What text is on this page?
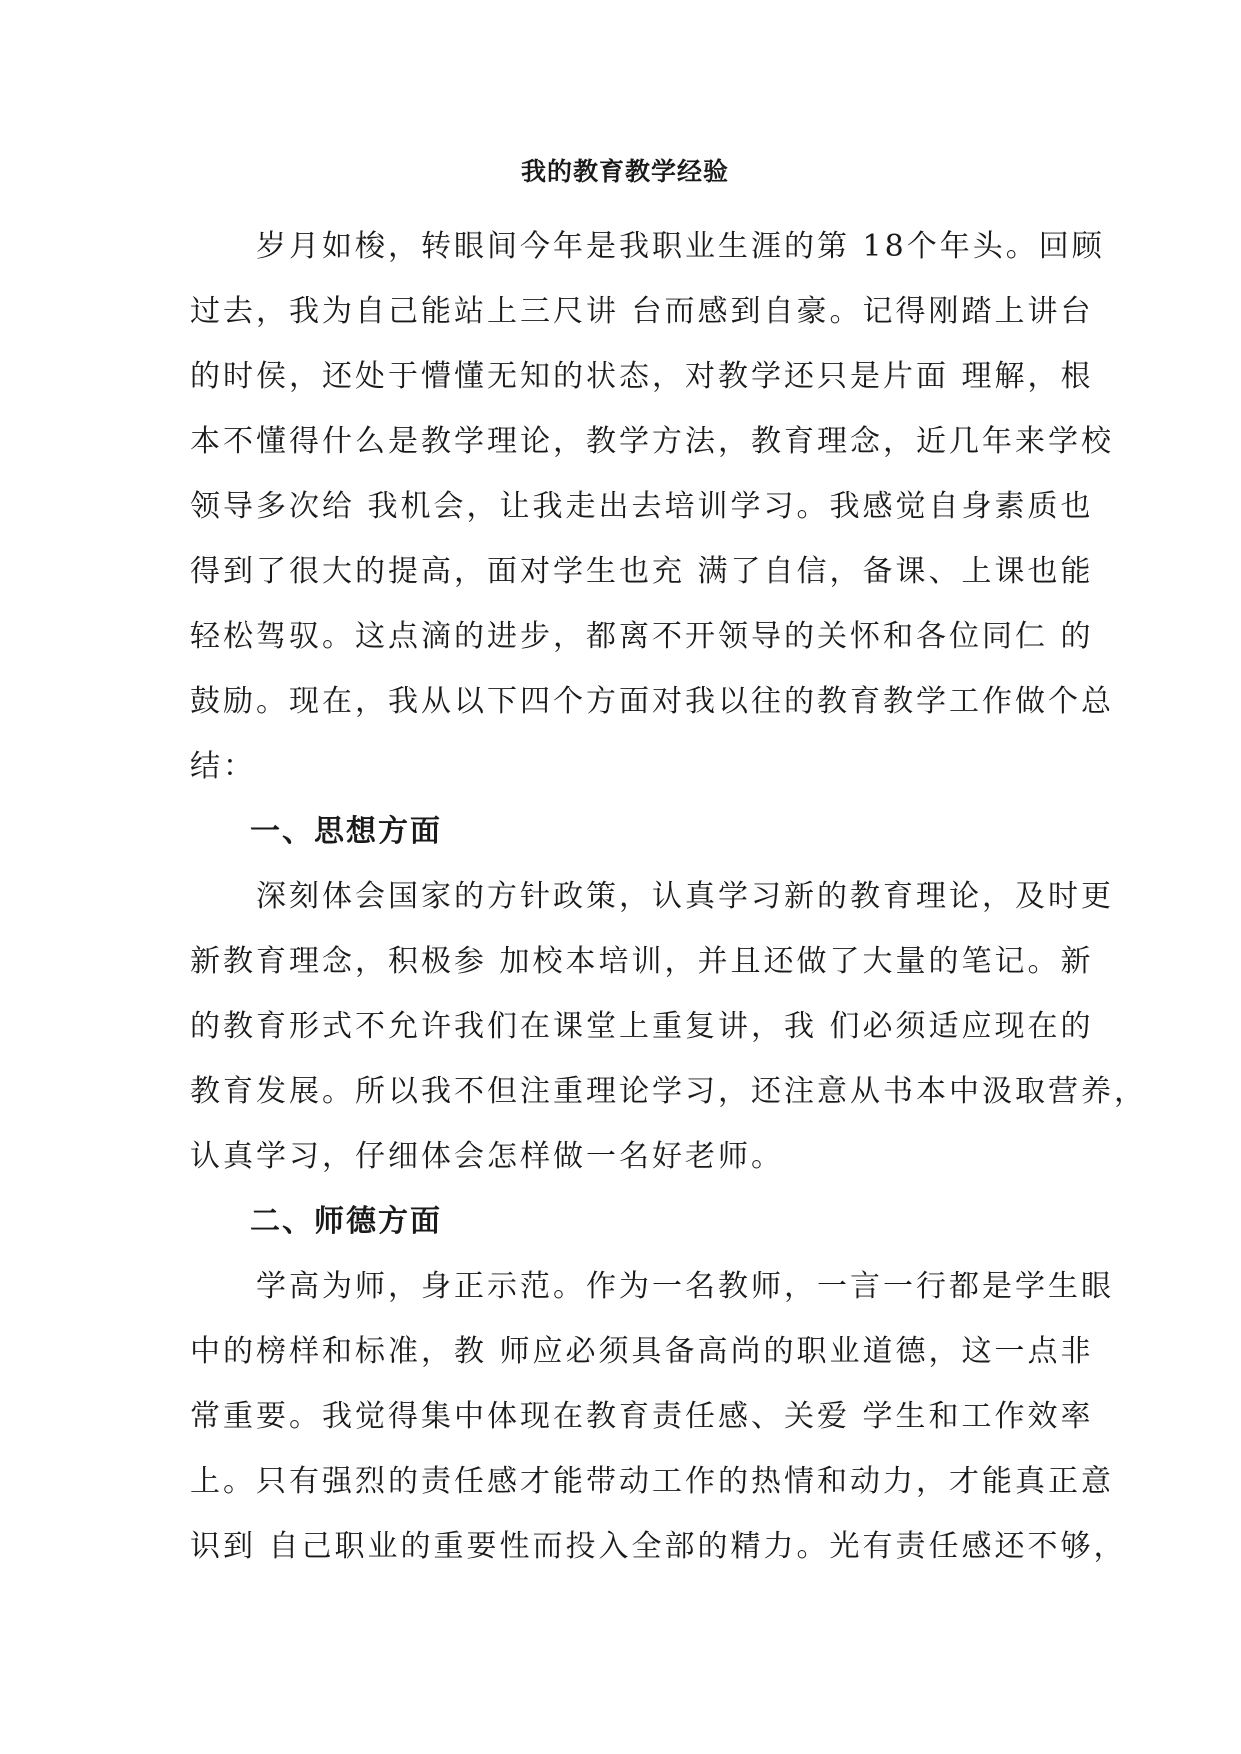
我的教育教学经验
　　岁月如梭，转眼间今年是我职业生涯的第 18个年头。回顾
过去，我为自己能站上三尺讲 台而感到自豪。记得刚踏上讲台
的时侯，还处于懵懂无知的状态，对教学还只是片面 理解，根
本不懂得什么是教学理论，教学方法，教育理念，近几年来学校
领导多次给 我机会，让我走出去培训学习。我感觉自身素质也
得到了很大的提高，面对学生也充 满了自信，备课、上课也能
轻松驾驭。这点滴的进步，都离不开领导的关怀和各位同仁 的
鼓励。现在，我从以下四个方面对我以往的教育教学工作做个总
结：
一、思想方面
　　深刻体会国家的方针政策，认真学习新的教育理论，及时更
新教育理念，积极参 加校本培训，并且还做了大量的笔记。新
的教育形式不允许我们在课堂上重复讲，我 们必须适应现在的
教育发展。所以我不但注重理论学习，还注意从书本中汲取营养，
认真学习，仔细体会怎样做一名好老师。
二、师德方面
　　学高为师，身正示范。作为一名教师，一言一行都是学生眼
中的榜样和标准，教 师应必须具备高尚的职业道德，这一点非
常重要。我觉得集中体现在教育责任感、关爱 学生和工作效率
上。只有强烈的责任感才能带动工作的热情和动力，才能真正意
识到 自己职业的重要性而投入全部的精力。光有责任感还不够，
